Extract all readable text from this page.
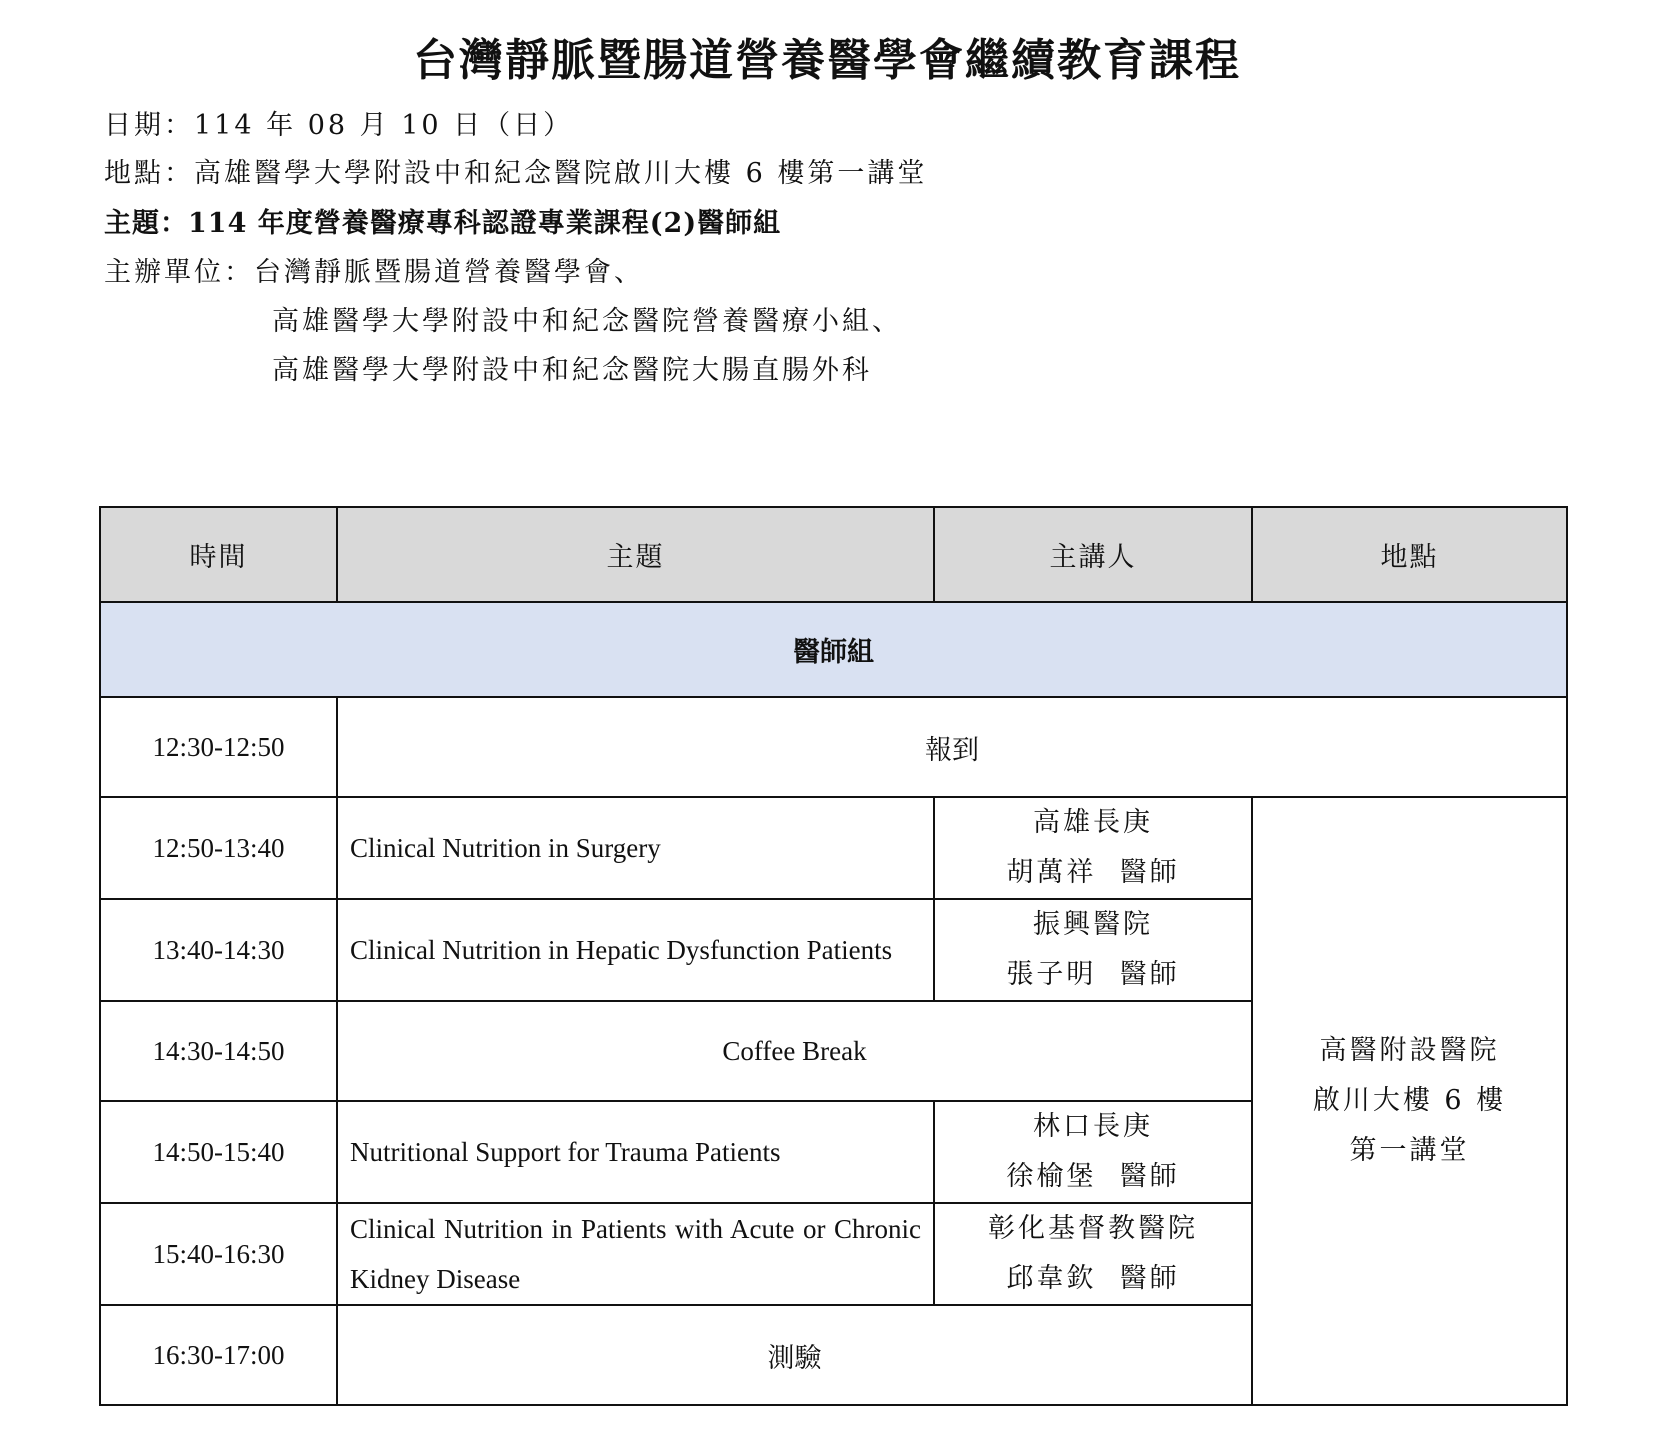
台灣靜脈暨腸道營養醫學會繼續教育課程
日期：114 年 08 月 10 日（日）
地點：高雄醫學大學附設中和紀念醫院啟川大樓 6 樓第一講堂
主題：114 年度營養醫療專科認證專業課程(2)醫師組
主辦單位：台灣靜脈暨腸道營養醫學會、
高雄醫學大學附設中和紀念醫院營養醫療小組、
高雄醫學大學附設中和紀念醫院大腸直腸外科
時間	主題	主講人	地點
醫師組			
12:30-12:50	報到		
12:50-13:40	Clinical Nutrition in Surgery	高雄長庚
胡萬祥  醫師	高醫附設醫院
啟川大樓 6 樓
第一講堂

13:40-14:30	Clinical Nutrition in Hepatic Dysfunction Patients	振興醫院
張子明  醫師	

14:30-14:50	Coffee Break		
14:50-15:40	Nutritional Support for Trauma Patients	林口長庚
徐榆堡  醫師	

15:40-16:30	Clinical Nutrition in Patients with Acute or Chronic Kidney Disease	彰化基督教醫院
邱韋欽  醫師	

16:30-17:00	測驗		
